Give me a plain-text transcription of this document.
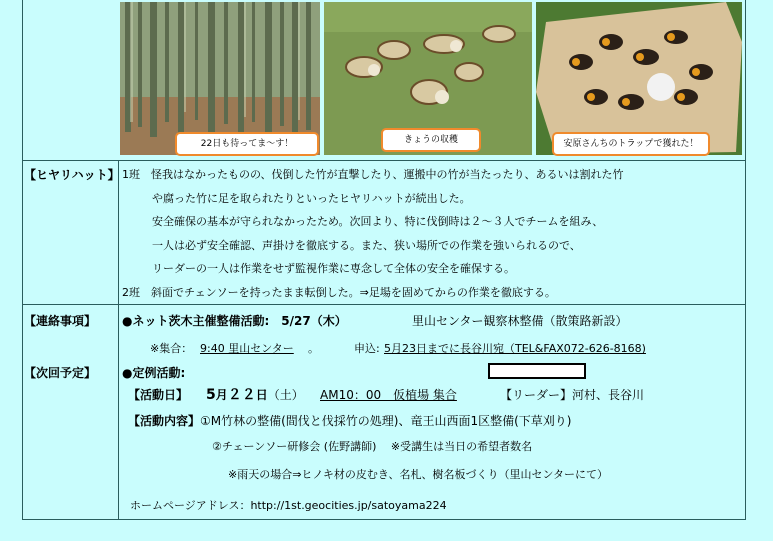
22日も待ってま～す！	きょうの収穫	安原さんちのトラップで獲れた！
【ヒヤリハット】 1班　怪我はなかったものの、伐倒した竹が直撃したり、運搬中の竹が当たったり、あるいは割れた竹
や腐った竹に足を取られたりといったヒヤリハットが続出した。
安全確保の基本が守られなかったため。次回より、特に伐倒時は２～３人でチームを組み、
一人は必ず安全確認、声掛けを徹底する。また、狭い場所での作業を強いられるので、
リーダーの一人は作業をせず監視作業に専念して全体の安全を確保する。
2班　斜面でチェンソーを持ったまま転倒した。⇒足場を固めてからの作業を徹底する。
【連絡事項】 ●ネット茨木主催整備活動:　5/27（木）	里山センター観察林整備（散策路新設）
※集合： 9:40 里山センター 。	申込: 5月23日までに長谷川宛（TEL&FAX072-626-8168)
【次回予定】 ●定例活動:
【活動日】 5月２２日（土） AM10：00　仮植場 集合	【リーダー】河村、長谷川
【活動内容】①M竹林の整備(間伐と伐採竹の処理)、竜王山西面1区整備(下草刈り)
②チェーンソー研修会 (佐野講師)　 ※受講生は当日の希望者数名
※雨天の場合⇒ヒノキ材の皮むき、名札、樹名板づくり（里山センターにて）
ホームページアドレス：http://1st.geocities.jp/satoyama224
